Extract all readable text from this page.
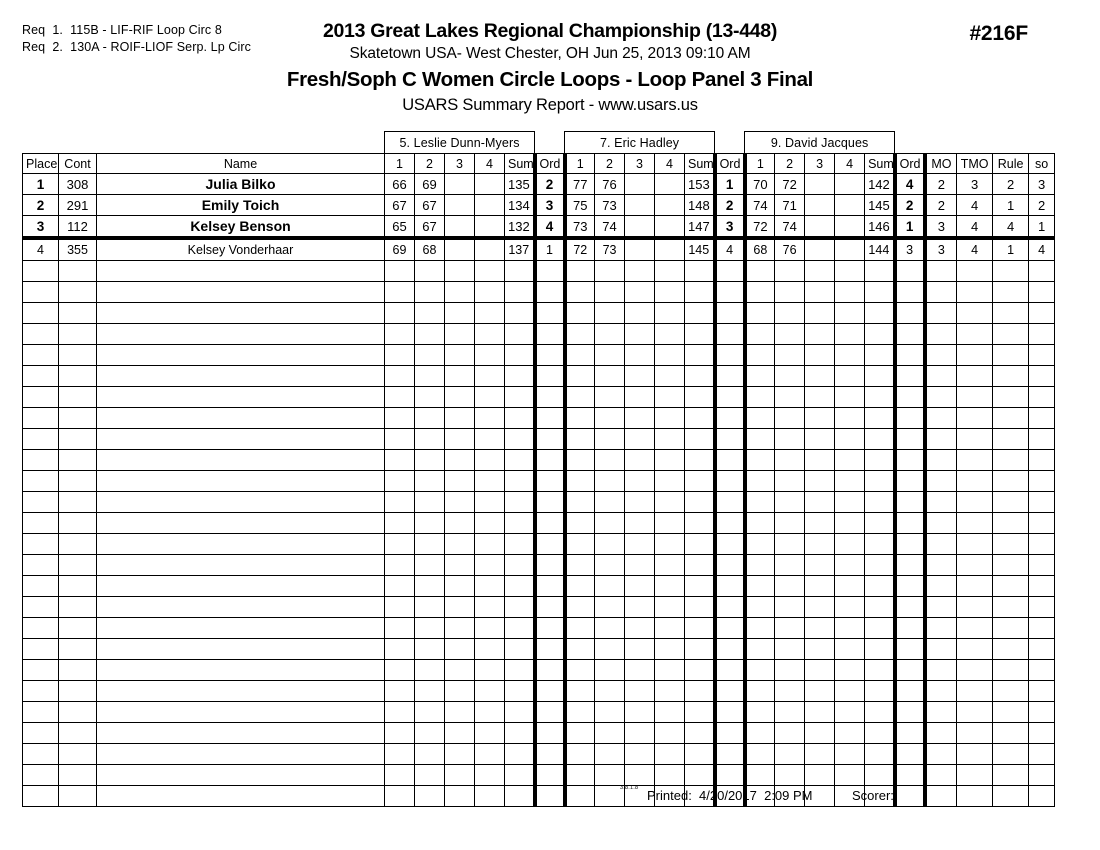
Req  1.  115B - LIF-RIF Loop Circ 8
Req  2.  130A - ROIF-LIOF Serp. Lp Circ
#216F
2013 Great Lakes Regional Championship (13-448)
Skatetown USA- West Chester, OH Jun 25, 2013 09:10 AM
Fresh/Soph C Women Circle Loops - Loop Panel 3 Final
USARS Summary Report - www.usars.us
			5. Leslie Dunn-Myers						7. Eric Hadley						9. David Jacques									
Place	Cont	Name	1	2	3	4	Sum	Ord	1	2	3	4	Sum	Ord	1	2	3	4	Sum	Ord	MO	TMO	Rule	so
1	308	Julia Bilko	66	69			135	2	77	76			153	1	70	72			142	4	2	3	2	3
2	291	Emily Toich	67	67			134	3	75	73			148	2	74	71			145	2	2	4	1	2
3	112	Kelsey Benson	65	67			132	4	73	74			147	3	72	74			146	1	3	4	4	1
4	355	Kelsey Vonderhaar	69	68			137	1	72	73			145	4	68	76			144	3	3	4	1	4

3.8.1.8 Printed:  4/20/2017  2:09 PM	Scorer:
